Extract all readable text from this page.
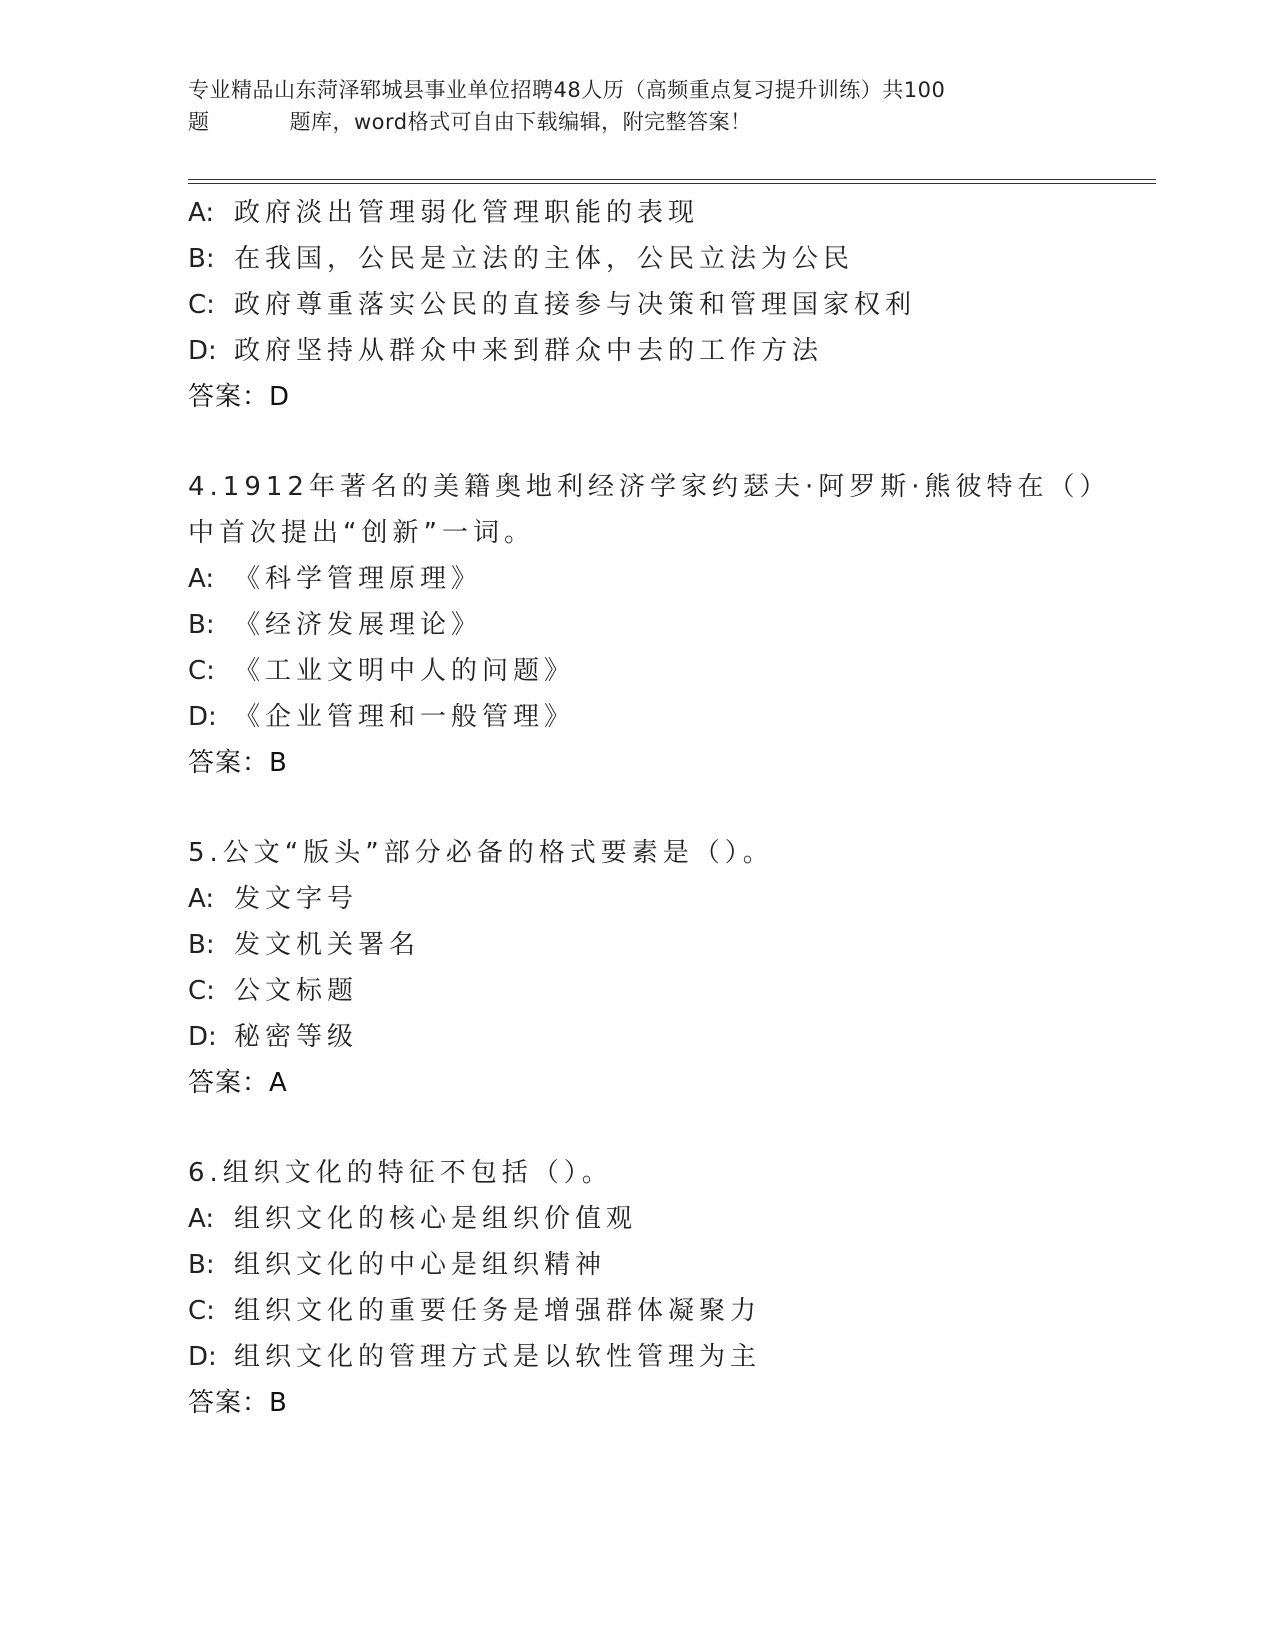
专业精品山东菏泽郓城县事业单位招聘48人历（高频重点复习提升训练）共100
题	题库，word格式可自由下载编辑，附完整答案！
A: 政府淡出管理弱化管理职能的表现
B: 在我国，公民是立法的主体，公民立法为公民
C: 政府尊重落实公民的直接参与决策和管理国家权利
D: 政府坚持从群众中来到群众中去的工作方法
答案：D
4.1912年著名的美籍奥地利经济学家约瑟夫·阿罗斯·熊彼特在（）
中首次提出“创新”一词。
A: 《科学管理原理》
B: 《经济发展理论》
C: 《工业文明中人的问题》
D: 《企业管理和一般管理》
答案：B
5.公文“版头”部分必备的格式要素是（）。
A: 发文字号
B: 发文机关署名
C: 公文标题
D: 秘密等级
答案：A
6.组织文化的特征不包括（）。
A: 组织文化的核心是组织价值观
B: 组织文化的中心是组织精神
C: 组织文化的重要任务是增强群体凝聚力
D: 组织文化的管理方式是以软性管理为主
答案：B
